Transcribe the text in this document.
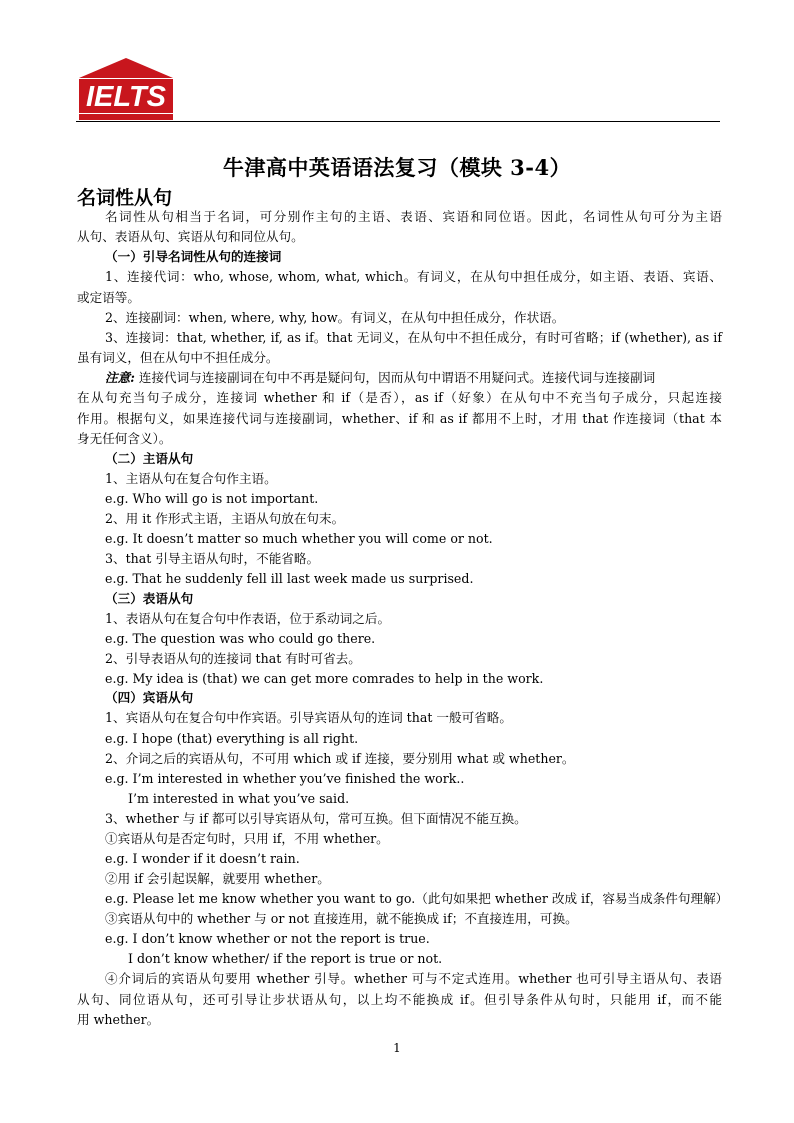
IELTS
牛津高中英语语法复习（模块 3-4）
名词性从句
名词性从句相当于名词，可分别作主句的主语、表语、宾语和同位语。因此，名词性从句可分为主语
从句、表语从句、宾语从句和同位从句。
（一）引导名词性从句的连接词
1、连接代词：who, whose, whom, what, which。有词义，在从句中担任成分，如主语、表语、宾语、
或定语等。
2、连接副词：when, where, why, how。有词义，在从句中担任成分，作状语。
3、连接词：that, whether, if, as if。that 无词义，在从句中不担任成分，有时可省略；if (whether), as if
虽有词义，但在从句中不担任成分。
注意: 连接代词与连接副词在句中不再是疑问句，因而从句中谓语不用疑问式。连接代词与连接副词
在从句充当句子成分，连接词 whether 和 if（是否），as if（好象）在从句中不充当句子成分，只起连接
作用。根据句义，如果连接代词与连接副词，whether、if 和 as if 都用不上时，才用 that 作连接词（that 本
身无任何含义）。
（二）主语从句
1、主语从句在复合句作主语。
e.g. Who will go is not important.
2、用 it 作形式主语，主语从句放在句末。
e.g. It doesn’t matter so much whether you will come or not.
3、that 引导主语从句时，不能省略。
e.g. That he suddenly fell ill last week made us surprised.
（三）表语从句
1、表语从句在复合句中作表语，位于系动词之后。
e.g. The question was who could go there.
2、引导表语从句的连接词 that 有时可省去。
e.g. My idea is (that) we can get more comrades to help in the work.
（四）宾语从句
1、宾语从句在复合句中作宾语。引导宾语从句的连词 that 一般可省略。
e.g. I hope (that) everything is all right.
2、介词之后的宾语从句，不可用 which 或 if 连接，要分别用 what 或 whether。
e.g. I’m interested in whether you’ve finished the work..
I’m interested in what you’ve said.
3、whether 与 if 都可以引导宾语从句，常可互换。但下面情况不能互换。
①宾语从句是否定句时，只用 if，不用 whether。
e.g. I wonder if it doesn’t rain.
②用 if 会引起误解，就要用 whether。
e.g. Please let me know whether you want to go.（此句如果把 whether 改成 if，容易当成条件句理解）
③宾语从句中的 whether 与 or not 直接连用，就不能换成 if；不直接连用，可换。
e.g. I don’t know whether or not the report is true.
I don’t know whether/ if the report is true or not.
④介词后的宾语从句要用 whether 引导。whether 可与不定式连用。whether 也可引导主语从句、表语
从句、同位语从句，还可引导让步状语从句，以上均不能换成 if。但引导条件从句时，只能用 if，而不能
用 whether。
1
